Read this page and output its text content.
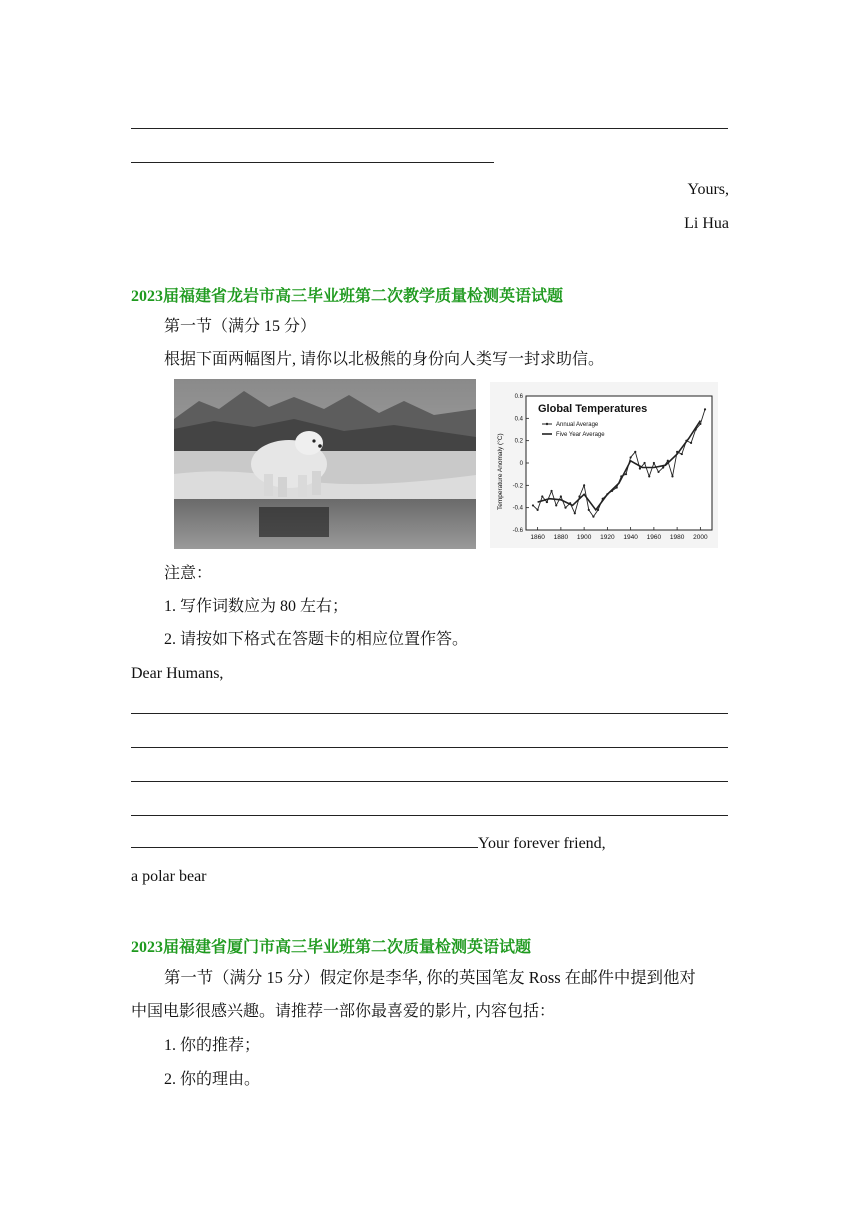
Yours,
Li Hua
2023届福建省龙岩市高三毕业班第二次教学质量检测英语试题
第一节（满分 15 分）
根据下面两幅图片, 请你以北极熊的身份向人类写一封求助信。
0.6
0.4
0.2
0
-0.2
-0.4
-0.6
1860 1880 1900 1920 1940 1960 1980 2000
Global Temperatures
Annual Average
Five Year Average
Temperature Anomaly (°C)
注意：
1. 写作词数应为 80 左右；
2. 请按如下格式在答题卡的相应位置作答。
Dear Humans,
Your forever friend,
a polar bear
2023届福建省厦门市高三毕业班第二次质量检测英语试题
第一节（满分 15 分）假定你是李华, 你的英国笔友 Ross 在邮件中提到他对
中国电影很感兴趣。请推荐一部你最喜爱的影片, 内容包括：
1. 你的推荐；
2. 你的理由。
